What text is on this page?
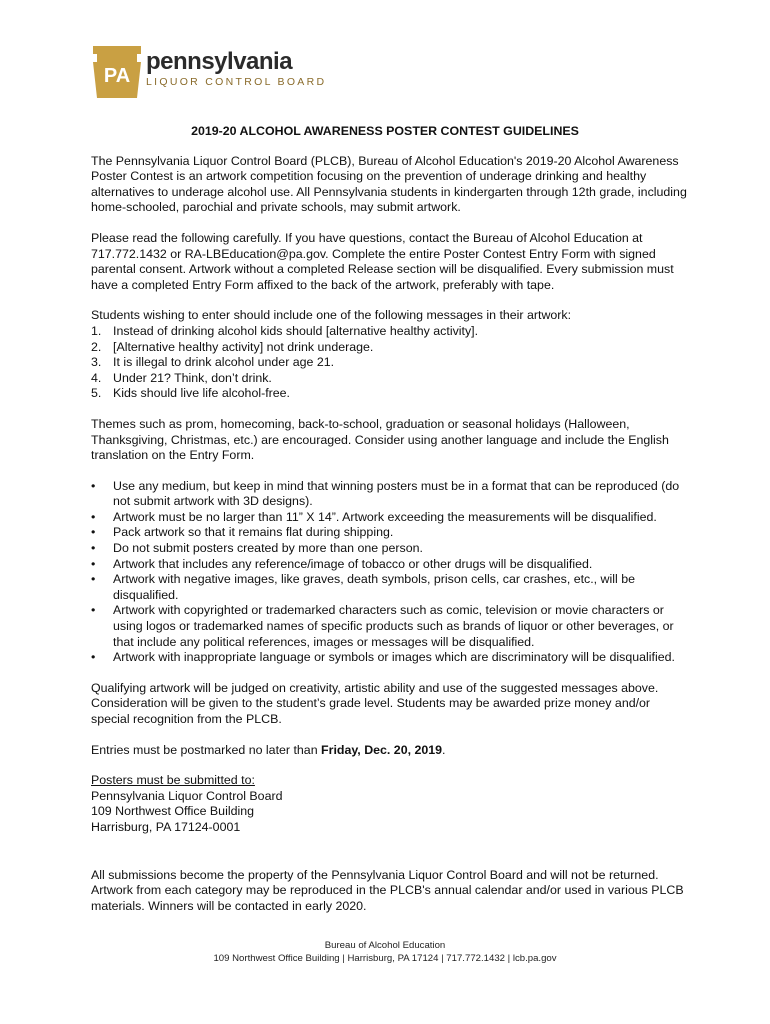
PA
pennsylvania
LIQUOR CONTROL BOARD
2019-20 ALCOHOL AWARENESS POSTER CONTEST GUIDELINES

The Pennsylvania Liquor Control Board (PLCB), Bureau of Alcohol Education's 2019-20 Alcohol Awareness Poster Contest is an artwork competition focusing on the prevention of underage drinking and healthy alternatives to underage alcohol use. All Pennsylvania students in kindergarten through 12th grade, including home-schooled, parochial and private schools, may submit artwork.

Please read the following carefully. If you have questions, contact the Bureau of Alcohol Education at 717.772.1432 or RA-LBEducation@pa.gov. Complete the entire Poster Contest Entry Form with signed parental consent. Artwork without a completed Release section will be disqualified. Every submission must have a completed Entry Form affixed to the back of the artwork, preferably with tape.

Students wishing to enter should include one of the following messages in their artwork:
1. Instead of drinking alcohol kids should [alternative healthy activity].
2. [Alternative healthy activity] not drink underage.
3. It is illegal to drink alcohol under age 21.
4. Under 21? Think, don’t drink.
5. Kids should live life alcohol-free.

Themes such as prom, homecoming, back-to-school, graduation or seasonal holidays (Halloween, Thanksgiving, Christmas, etc.) are encouraged. Consider using another language and include the English translation on the Entry Form.

• Use any medium, but keep in mind that winning posters must be in a format that can be reproduced (do not submit artwork with 3D designs).
• Artwork must be no larger than 11” X 14”. Artwork exceeding the measurements will be disqualified.
• Pack artwork so that it remains flat during shipping.
• Do not submit posters created by more than one person.
• Artwork that includes any reference/image of tobacco or other drugs will be disqualified.
• Artwork with negative images, like graves, death symbols, prison cells, car crashes, etc., will be disqualified.
• Artwork with copyrighted or trademarked characters such as comic, television or movie characters or using logos or trademarked names of specific products such as brands of liquor or other beverages, or that include any political references, images or messages will be disqualified.
• Artwork with inappropriate language or symbols or images which are discriminatory will be disqualified.

Qualifying artwork will be judged on creativity, artistic ability and use of the suggested messages above. Consideration will be given to the student’s grade level. Students may be awarded prize money and/or special recognition from the PLCB.

Entries must be postmarked no later than Friday, Dec. 20, 2019.

Posters must be submitted to:
Pennsylvania Liquor Control Board
109 Northwest Office Building
Harrisburg, PA 17124-0001

All submissions become the property of the Pennsylvania Liquor Control Board and will not be returned. Artwork from each category may be reproduced in the PLCB's annual calendar and/or used in various PLCB materials. Winners will be contacted in early 2020.

Bureau of Alcohol Education
109 Northwest Office Building | Harrisburg, PA 17124 | 717.772.1432 | lcb.pa.gov
